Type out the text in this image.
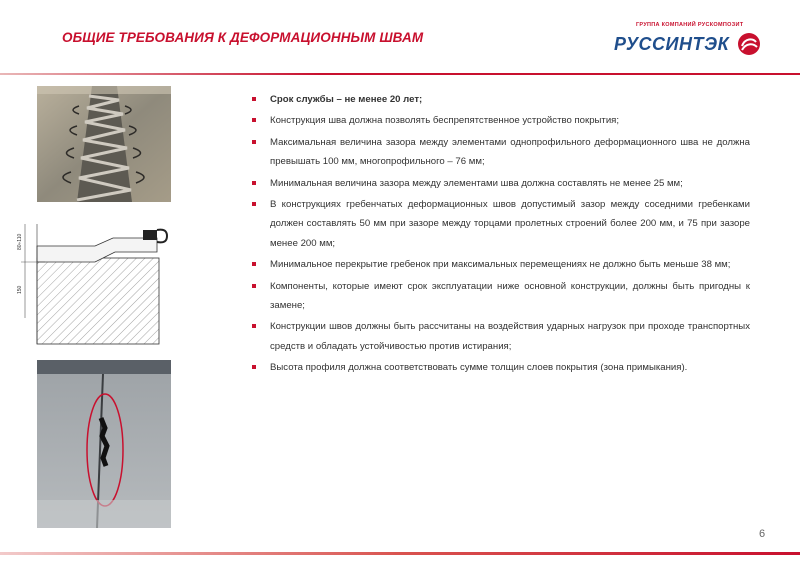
ОБЩИЕ ТРЕБОВАНИЯ К ДЕФОРМАЦИОННЫМ ШВАМ
ГРУППА КОМПАНИЙ РУСКОМПОЗИТ
РУССИНТЭК
80÷110
150
Срок службы – не менее 20 лет;
Конструкция шва должна позволять беспрепятственное устройство покрытия;
Максимальная величина зазора между элементами однопрофильного деформационного шва не должна превышать 100 мм, многопрофильного – 76 мм;
Минимальная величина зазора между элементами шва должна составлять не менее 25 мм;
В конструкциях гребенчатых деформационных швов допустимый зазор между соседними гребенками должен составлять 50 мм при зазоре между торцами пролетных строений более 200 мм, и 75 при зазоре менее 200 мм;
Минимальное перекрытие гребенок при максимальных перемещениях не должно быть меньше 38 мм;
Компоненты, которые имеют срок эксплуатации ниже основной конструкции, должны быть пригодны к замене;
Конструкции швов должны быть рассчитаны на воздействия ударных нагрузок при проходе транспортных средств и обладать устойчивостью против истирания;
Высота профиля должна соответствовать сумме толщин слоев покрытия (зона примыкания).
6
